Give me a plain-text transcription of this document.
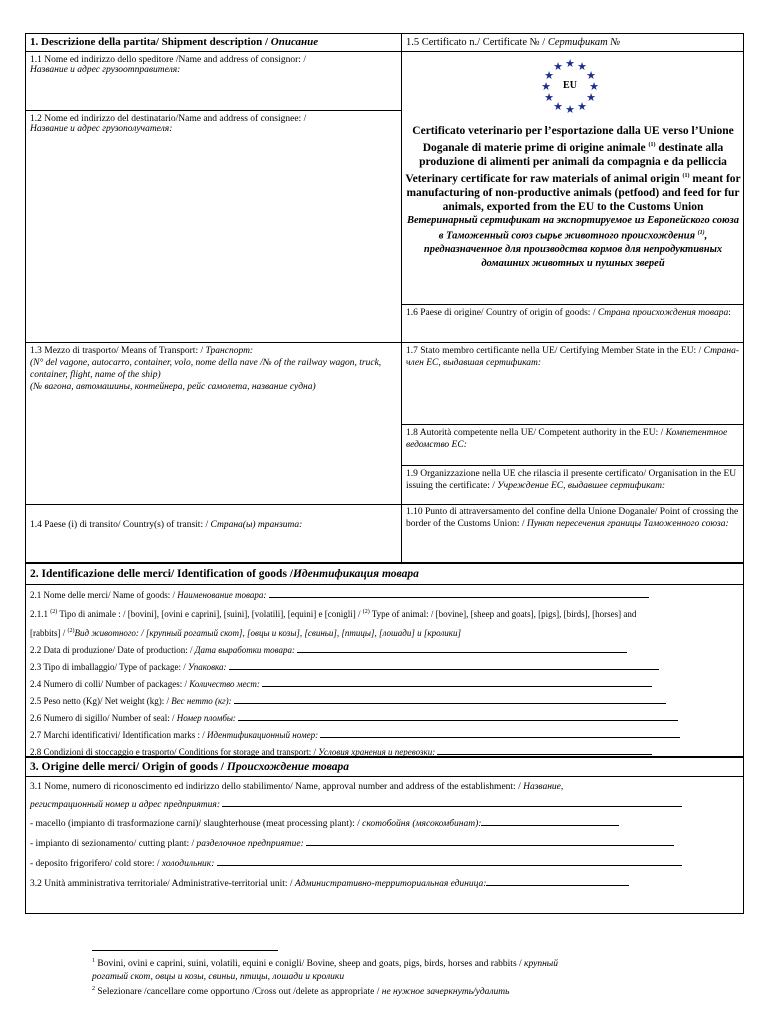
1. Descrizione della partita/ Shipment description / Описание	1.5 Certificato n./ Certificate № / Сертификат №
1.1 Nome ed indirizzo dello speditore /Name and address of consignor: /
Название и адрес грузоотправителя:
1.2 Nome ed indirizzo del destinatario/Name and address of consignee: /
Название и адрес грузополучателя:
★ ★
★
★
★
★
★
★
★
★
★
★
EU
Certificato veterinario per l’esportazione dalla UE verso l’Unione Doganale di materie prime di origine animale $^{(1)}$ destinate alla produzione di alimenti per animali da compagnia e da pelliccia
Veterinary certificate for raw materials of animal origin $^{(1)}$ meant for manufacturing of non-productive animals (petfood) and feed for fur animals, exported from the EU to the Customs Union
Ветеринарный сертификат на экспортируемое из Европейского союза в Таможенный союз сырье животного происхождения $^{(1)}$, предназначенное для производства кормов для непродуктивных домашних животных и пушных зверей
1.6 Paese di origine/ Country of origin of goods: / Страна происхождения товара:
1.3 Mezzo di trasporto/ Means of Transport: / Транспорт:
(N° del vagone, autocarro, container, volo, nome della nave /№ of the railway wagon, truck, container, flight, name of the ship)
(№ вагона, автомашины, контейнера, рейс самолета, название судна)
1.7 Stato membro certificante nella UE/ Certifying Member State in the EU: / Страна-член ЕС, выдавшая сертификат:
1.8 Autorità competente nella UE/ Competent authority in the EU: / Компетентное ведомство ЕС:
1.9 Organizzazione nella UE che rilascia il presente certificato/ Organisation in the EU issuing the certificate: / Учреждение ЕС, выдавшее сертификат:
1.10 Punto di attraversamento del confine della Unione Doganale/ Point of crossing the border of the Customs Union: / Пункт пересечения границы Таможенного союза:
1.4 Paese (i) di transito/ Country(s) of transit: / Страна(ы) транзита:
2. Identificazione delle merci/ Identification of goods /Идентификация товара
2.1 Nome delle merci/ Name of goods: / Наименование товара:
2.1.1 $^{(2)}$ Tipo di animale : / [bovini], [ovini e caprini], [suini], [volatili], [equini] e [conigli] / $^{(2)}$ Type of animal: / [bovine], [sheep and goats], [pigs], [birds], [horses] and
[rabbits] / $^{(2)}$Вид животного: / [крупный рогатый скот], [овцы и козы], [свиньи], [птицы], [лошади] и [кролики]
2.2 Data di produzione/ Date of production: / Дата выработки товара:
2.3 Tipo di imballaggio/ Type of package: / Упаковка:
2.4 Numero di colli/ Number of packages: / Количество мест:
2.5 Peso netto (Kg)/ Net weight (kg): / Вес нетто (кг):
2.6 Numero di sigillo/ Number of seal: / Номер пломбы:
2.7 Marchi identificativi/ Identification marks : / Идентификационный номер:
2.8 Condizioni di stoccaggio e trasporto/ Conditions for storage and transport: / Условия хранения и перевозки:
3. Origine delle merci/ Origin of goods / Происхождение товара
3.1 Nome, numero di riconoscimento ed indirizzo dello stabilimento/ Name, approval number and address of the establishment: / Название,
регистрационный номер и адрес предприятия:
- macello (impianto di trasformazione carni)/ slaughterhouse (meat processing plant): / скотобойня (мясокомбинат):
- impianto di sezionamento/ cutting plant: / разделочное предприятие:
- deposito frigorifero/ cold store: / холодильник:
3.2 Unità amministrativa territoriale/ Administrative-territorial unit: / Административно-территориальная единица:
$^1$ Bovini, ovini e caprini, suini, volatili, equini e conigli/ Bovine, sheep and goats, pigs, birds, horses and rabbits / крупный
рогатый скот, овцы и козы, свиньи, птицы, лошади и кролики
$^2$ Selezionare /cancellare come opportuno /Cross out /delete as appropriate / не нужное зачеркнуть/удалить
